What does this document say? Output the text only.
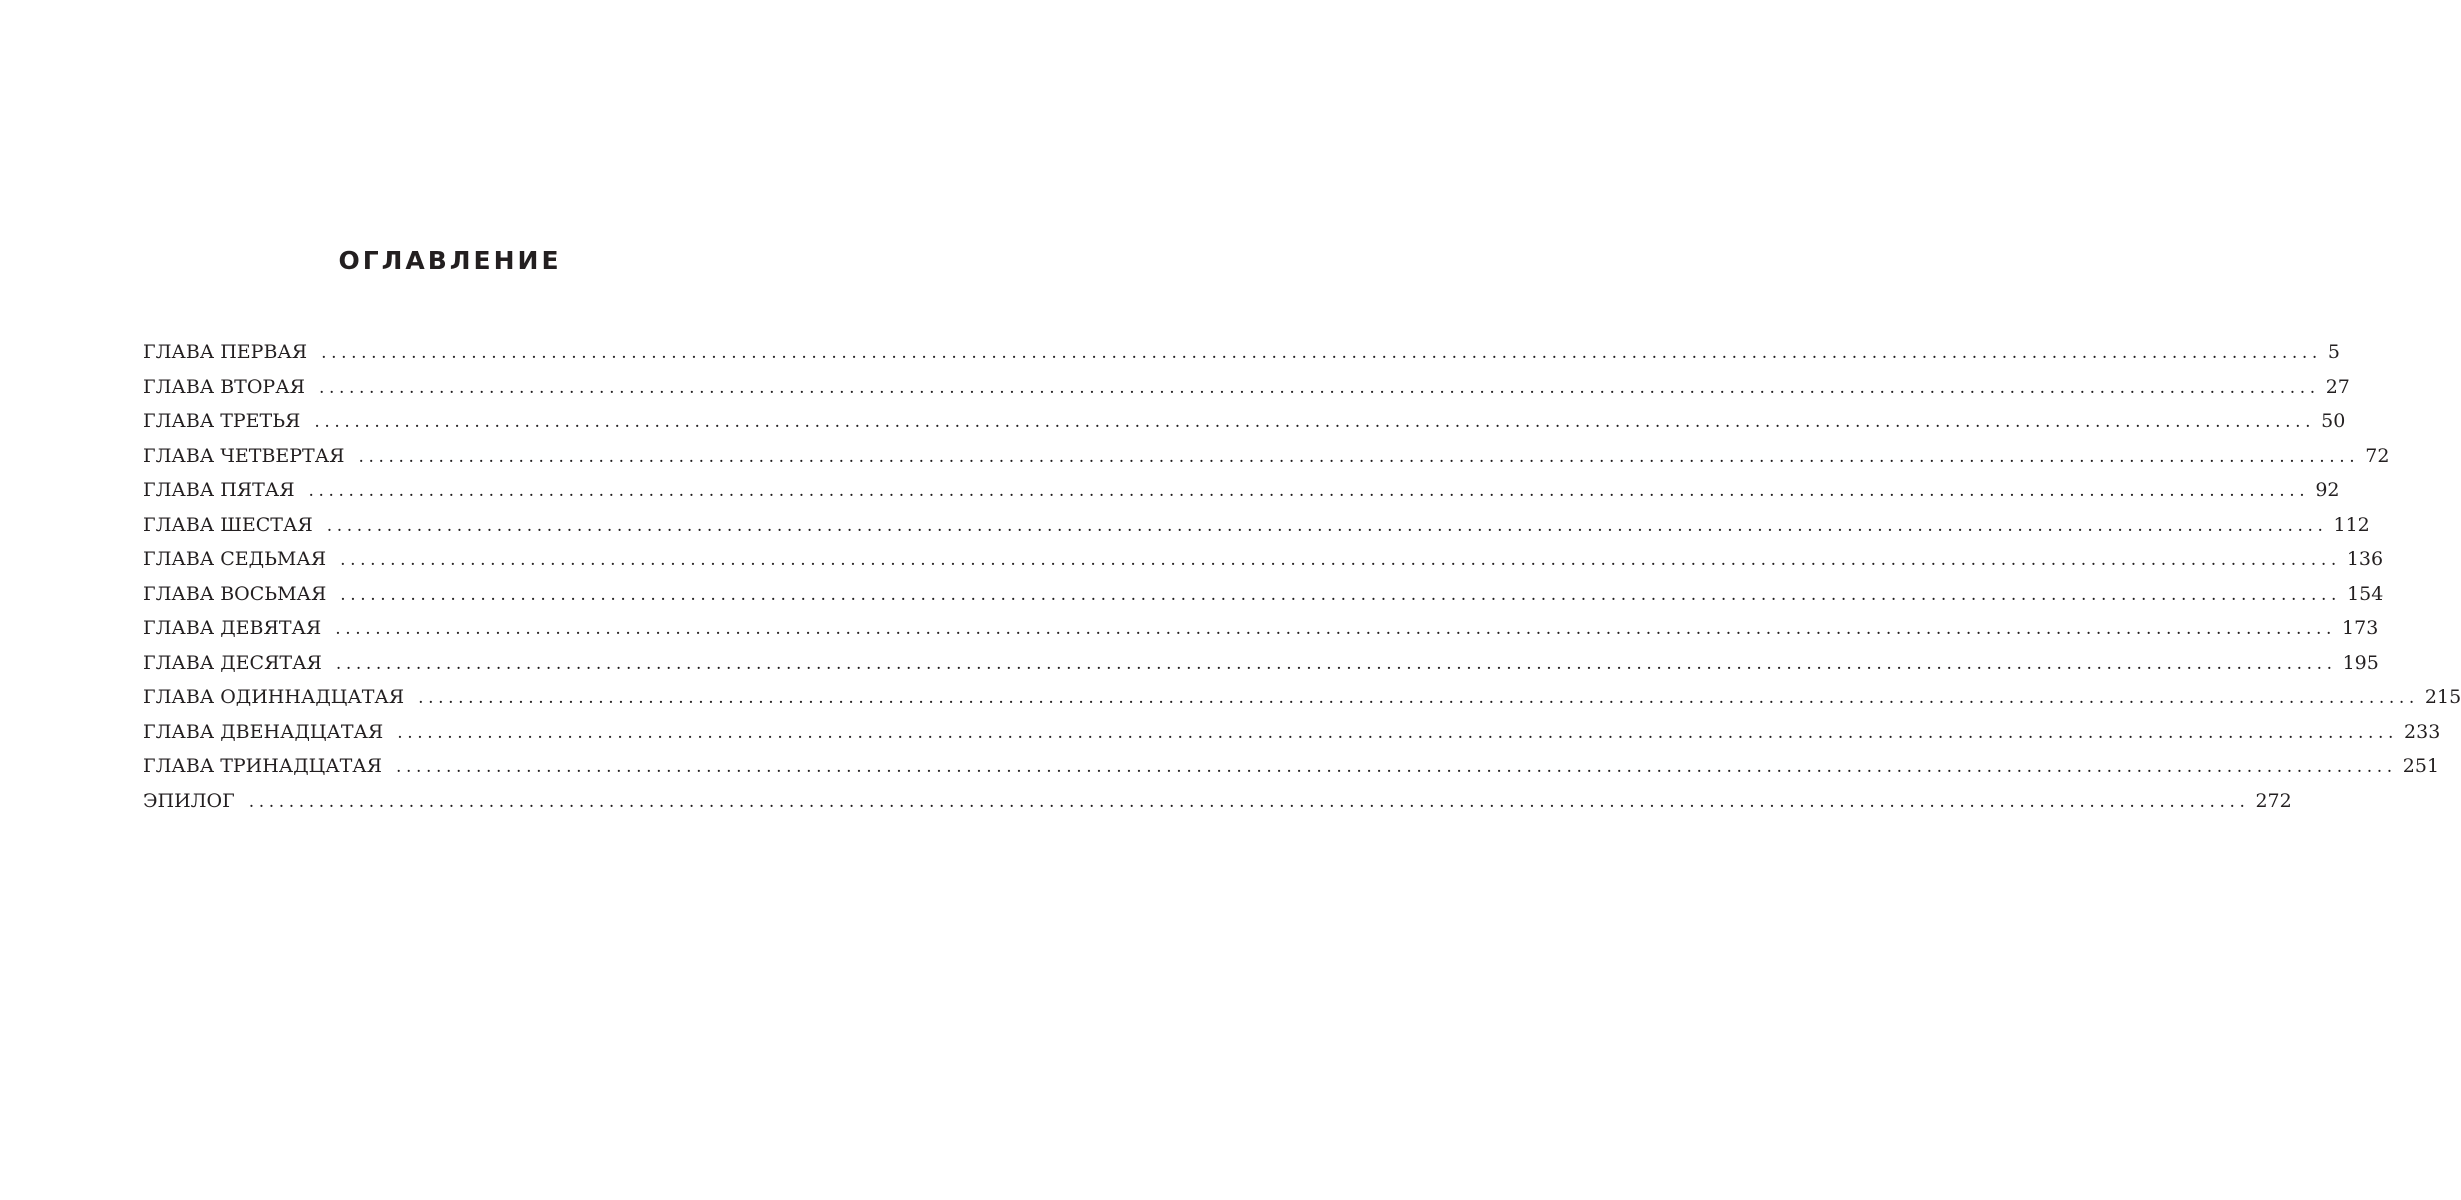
ОГЛАВЛЕНИЕ
ГЛАВА ПЕРВАЯ ........................................................................................................................................................................................................ 5
ГЛАВА ВТОРАЯ ........................................................................................................................................................................................................ 27
ГЛАВА ТРЕТЬЯ ........................................................................................................................................................................................................ 50
ГЛАВА ЧЕТВЕРТАЯ ........................................................................................................................................................................................................ 72
ГЛАВА ПЯТАЯ ........................................................................................................................................................................................................ 92
ГЛАВА ШЕСТАЯ ........................................................................................................................................................................................................ 112
ГЛАВА СЕДЬМАЯ ........................................................................................................................................................................................................ 136
ГЛАВА ВОСЬМАЯ ........................................................................................................................................................................................................ 154
ГЛАВА ДЕВЯТАЯ ........................................................................................................................................................................................................ 173
ГЛАВА ДЕСЯТАЯ ........................................................................................................................................................................................................ 195
ГЛАВА ОДИННАДЦАТАЯ ........................................................................................................................................................................................................ 215
ГЛАВА ДВЕНАДЦАТАЯ ........................................................................................................................................................................................................ 233
ГЛАВА ТРИНАДЦАТАЯ ........................................................................................................................................................................................................ 251
ЭПИЛОГ ........................................................................................................................................................................................................ 272
